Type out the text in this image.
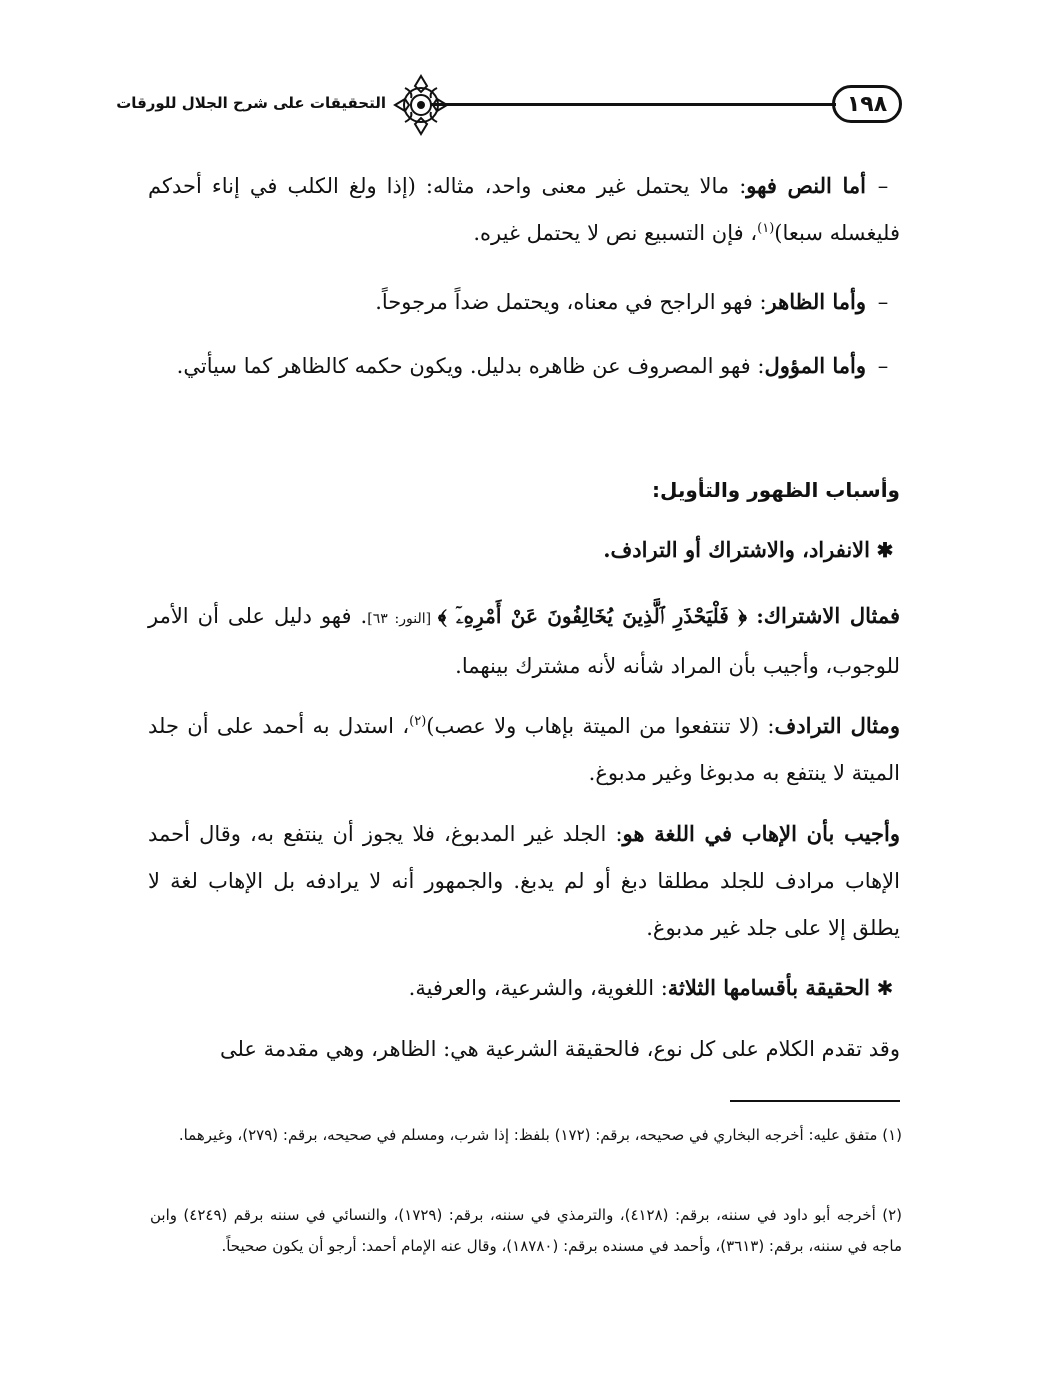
١٩٨
التحقيقات على شرح الجلال للورقات
–أما النص فهو: مالا يحتمل غير معنى واحد، مثاله: (إذا ولغ الكلب في إناء أحدكم فليغسله سبعا)$^{(١)}$، فإن التسبيع نص لا يحتمل غيره.
–وأما الظاهر: فهو الراجح في معناه، ويحتمل ضداً مرجوحاً.
–وأما المؤول: فهو المصروف عن ظاهره بدليل. ويكون حكمه كالظاهر كما سيأتي.
وأسباب الظهور والتأويل:
✱الانفراد، والاشتراك أو الترادف.
فمثال الاشتراك: ﴿ فَلْيَحْذَرِ ٱلَّذِينَ يُخَالِفُونَ عَنْ أَمْرِهِۦٓ ﴾ [النور: ٦٣]. فهو دليل على أن الأمر للوجوب، وأجيب بأن المراد شأنه لأنه مشترك بينهما.
ومثال الترادف: (لا تنتفعوا من الميتة بإهاب ولا عصب)$^{(٢)}$، استدل به أحمد على أن جلد الميتة لا ينتفع به مدبوغا وغير مدبوغ.
وأجيب بأن الإهاب في اللغة هو: الجلد غير المدبوغ، فلا يجوز أن ينتفع به، وقال أحمد الإهاب مرادف للجلد مطلقا دبغ أو لم يدبغ. والجمهور أنه لا يرادفه بل الإهاب لغة لا يطلق إلا على جلد غير مدبوغ.
✱الحقيقة بأقسامها الثلاثة: اللغوية، والشرعية، والعرفية.
وقد تقدم الكلام على كل نوع، فالحقيقة الشرعية هي: الظاهر، وهي مقدمة على
(١) متفق عليه: أخرجه البخاري في صحيحه، برقم: (١٧٢) بلفظ: إذا شرب، ومسلم في صحيحه، برقم: (٢٧٩)، وغيرهما.
(٢) أخرجه أبو داود في سننه، برقم: (٤١٢٨)، والترمذي في سننه، برقم: (١٧٢٩)، والنسائي في سننه برقم (٤٢٤٩) وابن ماجه في سننه، برقم: (٣٦١٣)، وأحمد في مسنده برقم: (١٨٧٨٠)، وقال عنه الإمام أحمد: أرجو أن يكون صحيحاً.
